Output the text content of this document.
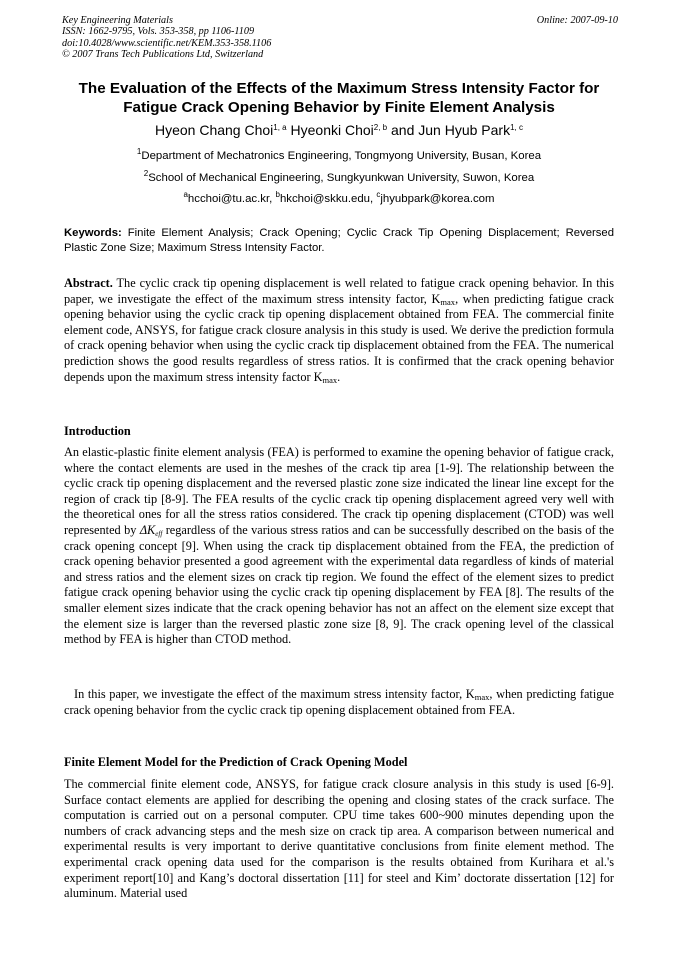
Key Engineering Materials
ISSN: 1662-9795, Vols. 353-358, pp 1106-1109
doi:10.4028/www.scientific.net/KEM.353-358.1106
© 2007 Trans Tech Publications Ltd, Switzerland
Online: 2007-09-10
The Evaluation of the Effects of the Maximum Stress Intensity Factor for
Fatigue Crack Opening Behavior by Finite Element Analysis
Hyeon Chang Choi$^{1, a}$ Hyeonki Choi$^{2, b}$ and Jun Hyub Park$^{1, c}$
$^1$Department of Mechatronics Engineering, Tongmyong University, Busan, Korea
$^2$School of Mechanical Engineering, Sungkyunkwan University, Suwon, Korea
$^a$hcchoi@tu.ac.kr, $^b$hkchoi@skku.edu, $^c$jhyubpark@korea.com
Keywords: Finite Element Analysis; Crack Opening; Cyclic Crack Tip Opening Displacement; Reversed Plastic Zone Size; Maximum Stress Intensity Factor.
Abstract. The cyclic crack tip opening displacement is well related to fatigue crack opening behavior. In this paper, we investigate the effect of the maximum stress intensity factor, $K_{max}$, when predicting fatigue crack opening behavior using the cyclic crack tip opening displacement obtained from FEA. The commercial finite element code, ANSYS, for fatigue crack closure analysis in this study is used. We derive the prediction formula of crack opening behavior when using the cyclic crack tip displacement obtained from the FEA. The numerical prediction shows the good results regardless of stress ratios. It is confirmed that the crack opening behavior depends upon the maximum stress intensity factor $K_{max}$.
Introduction
An elastic-plastic finite element analysis (FEA) is performed to examine the opening behavior of fatigue crack, where the contact elements are used in the meshes of the crack tip area [1-9]. The relationship between the cyclic crack tip opening displacement and the reversed plastic zone size indicated the linear line except for the region of crack tip [8-9]. The FEA results of the cyclic crack tip opening displacement agreed very well with the theoretical ones for all the stress ratios considered. The crack tip opening displacement (CTOD) was well represented by $\Delta K_{eff}$ regardless of the various stress ratios and can be successfully described on the basis of the crack opening concept [9]. When using the crack tip displacement obtained from the FEA, the prediction of crack opening behavior presented a good agreement with the experimental data regardless of kinds of material and stress ratios and the element sizes on crack tip region. We found the effect of the element sizes to predict fatigue crack opening behavior using the cyclic crack tip opening displacement by FEA [8]. The results of the smaller element sizes indicate that the crack opening behavior has not an affect on the element size except that the element size is larger than the reversed plastic zone size [8, 9]. The crack opening level of the classical method by FEA is higher than CTOD method.
In this paper, we investigate the effect of the maximum stress intensity factor, $K_{max}$, when predicting fatigue crack opening behavior from the cyclic crack tip opening displacement obtained from FEA.
Finite Element Model for the Prediction of Crack Opening Model
The commercial finite element code, ANSYS, for fatigue crack closure analysis in this study is used [6-9]. Surface contact elements are applied for describing the opening and closing states of the crack surface. The computation is carried out on a personal computer. CPU time takes 600~900 minutes depending upon the numbers of crack advancing steps and the mesh size on crack tip area. A comparison between numerical and experimental results is very important to derive quantitative conclusions from finite element method. The experimental crack opening data used for the comparison is the results obtained from Kurihara et al.'s experiment report[10] and Kang’s doctoral dissertation [11] for steel and Kim’ doctorate dissertation [12] for aluminum. Material used
